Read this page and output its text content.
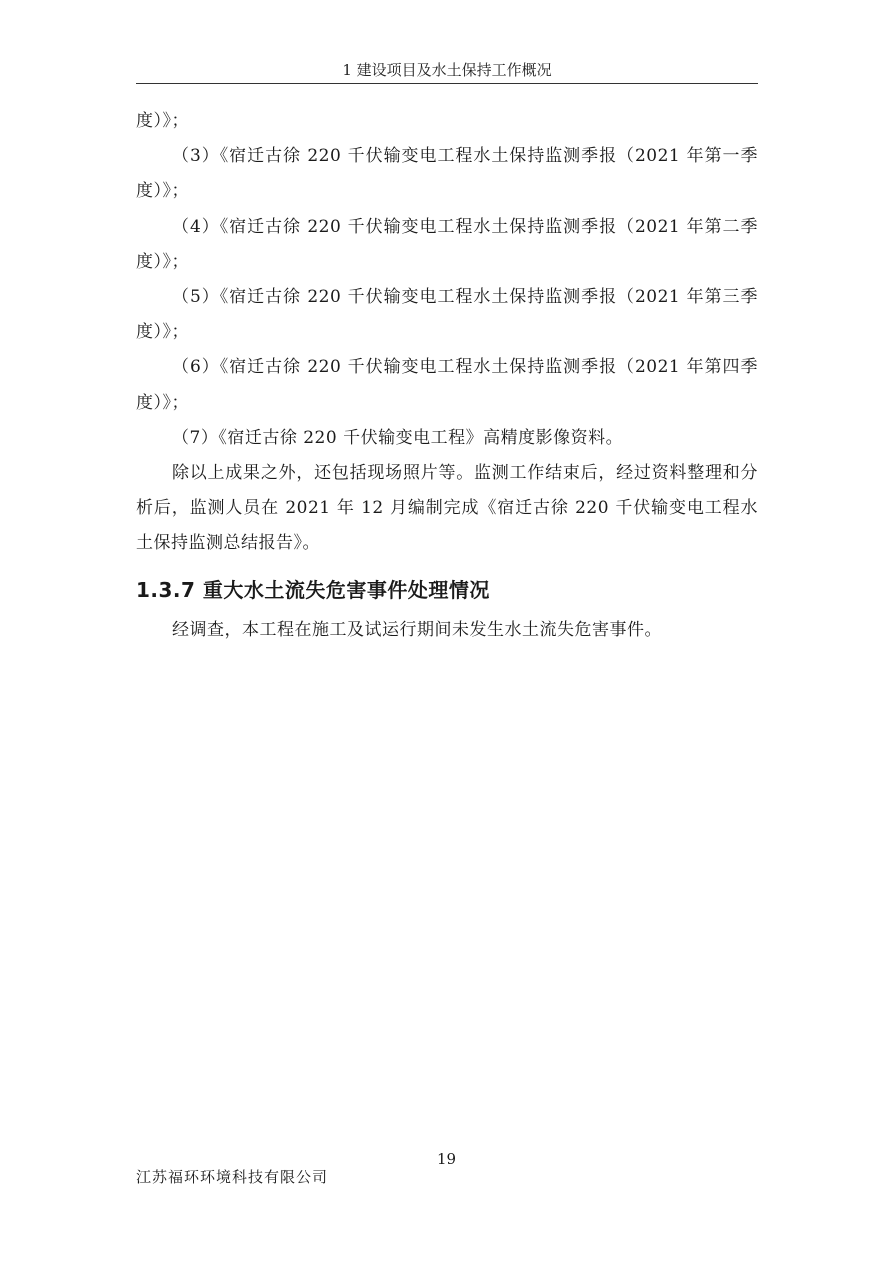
1 建设项目及水土保持工作概况

度）》；

（3）《宿迁古徐 220 千伏输变电工程水土保持监测季报（2021 年第一季度）》；

（4）《宿迁古徐 220 千伏输变电工程水土保持监测季报（2021 年第二季度）》；

（5）《宿迁古徐 220 千伏输变电工程水土保持监测季报（2021 年第三季度）》；

（6）《宿迁古徐 220 千伏输变电工程水土保持监测季报（2021 年第四季度）》；

（7）《宿迁古徐 220 千伏输变电工程》高精度影像资料。

除以上成果之外，还包括现场照片等。监测工作结束后，经过资料整理和分析后，监测人员在 2021 年 12 月编制完成《宿迁古徐 220 千伏输变电工程水土保持监测总结报告》。

1.3.7 重大水土流失危害事件处理情况

经调查，本工程在施工及试运行期间未发生水土流失危害事件。

19
江苏福环环境科技有限公司
